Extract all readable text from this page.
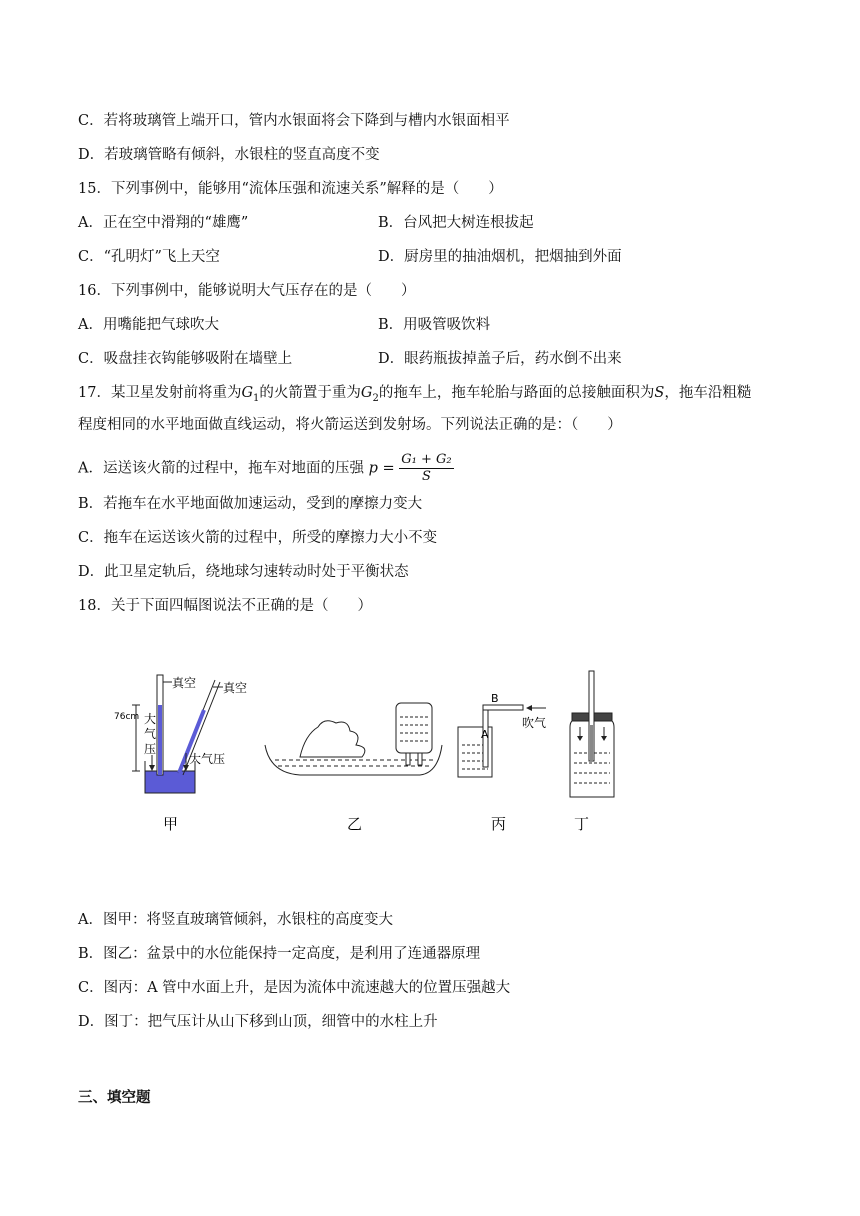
C．若将玻璃管上端开口，管内水银面将会下降到与槽内水银面相平
D．若玻璃管略有倾斜，水银柱的竖直高度不变
15．下列事例中，能够用“流体压强和流速关系”解释的是（　　）
A．正在空中滑翔的“雄鹰”	B．台风把大树连根拔起
C．“孔明灯”飞上天空	D．厨房里的抽油烟机，把烟抽到外面
16．下列事例中，能够说明大气压存在的是（　　）
A．用嘴能把气球吹大	B．用吸管吸饮料
C．吸盘挂衣钩能够吸附在墙壁上	D．眼药瓶拔掉盖子后，药水倒不出来
17．某卫星发射前将重为$G_1$的火箭置于重为$G_2$的拖车上，拖车轮胎与路面的总接触面积为S，拖车沿粗糙
程度相同的水平地面做直线运动，将火箭运送到发射场。下列说法正确的是：（　　）
A．运送该火箭的过程中，拖车对地面的压强 $p = \frac{\text{G₁ + G₂}}{S}$
B．若拖车在水平地面做加速运动，受到的摩擦力变大
C．拖车在运送该火箭的过程中，所受的摩擦力大小不变
D．此卫星定轨后，绕地球匀速转动时处于平衡状态
18．关于下面四幅图说法不正确的是（　　）
真空 真空
76cm 大
气
压
大气压
甲	乙
B
A
吹气
丙	丁
A．图甲：将竖直玻璃管倾斜，水银柱的高度变大
B．图乙：盆景中的水位能保持一定高度，是利用了连通器原理
C．图丙：A 管中水面上升，是因为流体中流速越大的位置压强越大
D．图丁：把气压计从山下移到山顶，细管中的水柱上升
三、填空题
